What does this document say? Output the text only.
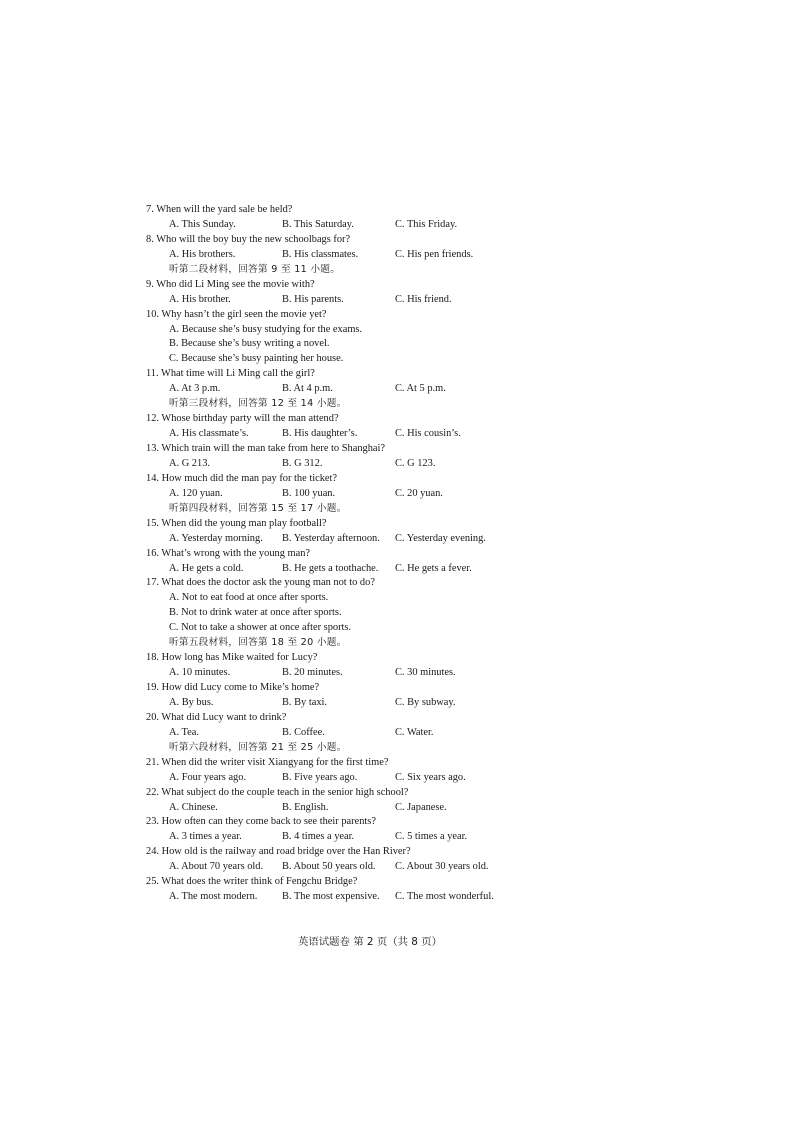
7. When will the yard sale be held?
A. This Sunday.	B. This Saturday.	C. This Friday.
8. Who will the boy buy the new schoolbags for?
A. His brothers.	B. His classmates.	C. His pen friends.
听第二段材料，回答第 9 至 11 小题。
9. Who did Li Ming see the movie with?
A. His brother.	B. His parents.	C. His friend.
10. Why hasn’t the girl seen the movie yet?
A. Because she’s busy studying for the exams.
B. Because she’s busy writing a novel.
C. Because she’s busy painting her house.
11. What time will Li Ming call the girl?
A. At 3 p.m.	B. At 4 p.m.	C. At 5 p.m.
听第三段材料，回答第 12 至 14 小题。
12. Whose birthday party will the man attend?
A. His classmate’s.	B. His daughter’s.	C. His cousin’s.
13. Which train will the man take from here to Shanghai?
A. G 213.	B. G 312.	C. G 123.
14. How much did the man pay for the ticket?
A. 120 yuan.	B. 100 yuan.	C. 20 yuan.
听第四段材料，回答第 15 至 17 小题。
15. When did the young man play football?
A. Yesterday morning. B. Yesterday afternoon. C. Yesterday evening.
16. What’s wrong with the young man?
A. He gets a cold.	B. He gets a toothache. C. He gets a fever.
17. What does the doctor ask the young man not to do?
A. Not to eat food at once after sports.
B. Not to drink water at once after sports.
C. Not to take a shower at once after sports.
听第五段材料，回答第 18 至 20 小题。
18. How long has Mike waited for Lucy?
A. 10 minutes.	B. 20 minutes.	C. 30 minutes.
19. How did Lucy come to Mike’s home?
A. By bus.	B. By taxi.	C. By subway.
20. What did Lucy want to drink?
A. Tea.	B. Coffee.	C. Water.
听第六段材料，回答第 21 至 25 小题。
21. When did the writer visit Xiangyang for the first time?
A. Four years ago.	B. Five years ago.	C. Six years ago.
22. What subject do the couple teach in the senior high school?
A. Chinese.	B. English.	C. Japanese.
23. How often can they come back to see their parents?
A. 3 times a year.	B. 4 times a year.	C. 5 times a year.
24. How old is the railway and road bridge over the Han River?
A. About 70 years old. B. About 50 years old. C. About 30 years old.
25. What does the writer think of Fengchu Bridge?
A. The most modern. B. The most expensive. C. The most wonderful.
英语试题卷 第 2 页（共 8 页）
